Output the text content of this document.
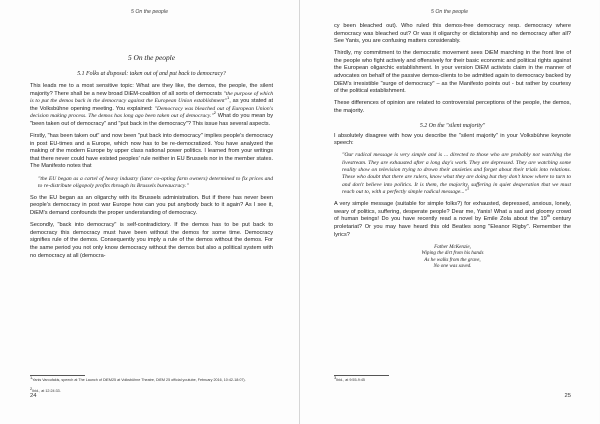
5 On the people
5 On the people
5.1 Folks at disposal: taken out of and put back to democracy?

This leads me to a most sensitive topic: What are they like, the demos, the people, the silent majority? There shall be a new broad DiEM-coalition of all sorts of democrats "the purpose of which is to put the demos back in the democracy against the European Union establishment"$^1$, as you stated at the Volksbühne opening meeting. You explained: "Democracy was bleached out of European Union's decision making process. The demos has long ago been taken out of democracy."$^2$ What do you mean by "been taken out of democracy" and "put back in the democracy"? This issue has several aspects.

Firstly, "has been taken out" and now been "put back into democracy" implies people's democracy in post EU-times and a Europe, which now has to be re-democratized. You have analyzed the making of the modern Europe by upper class national power politics. I learned from your writings that there never could have existed peoples' rule neither in EU Brussels nor in the member states. The Manifesto notes that

"the EU began as a cartel of heavy industry (later co-opting farm owners) determined to fix prices and to re-distribute oligopoly profits through its Brussels bureaucracy."

So the EU began as an oligarchy with its Brussels administration. But if there has never been people's democracy in post war Europe how can you put anybody back to it again? As I see it, DiEM's demand confounds the proper understanding of democracy.

Secondly, "back into democracy" is self-contradictory. If the demos has to be put back to democracy this democracy must have been without the demos for some time. Democracy signifies rule of the demos. Consequently you imply a rule of the demos without the demos. For the same period you not only know democracy without the demos but also a political system with no democracy at all (democra-

$^1$Yanis Varoufakis, speech at The Launch of DiEM25 at Volksbühne Theatre, DiEM 25 official youtube, February 2016, 10:42-18:07).
$^2$Ibid., at 12:24:33.
24
5 On the people

cy been bleached out). Who ruled this demos-free democracy resp. democracy where democracy was bleached out? Or was it oligarchy or dictatorship and no democracy after all? See Yanis, you are confusing matters considerably.

Thirdly, my commitment to the democratic movement sees DiEM marching in the front line of the people who fight actively and offensively for their basic economic and political rights against the European oligarchic establishment. In your version DiEM activists claim in the manner of advocates on behalf of the passive demos-clients to be admitted again to democracy backed by DiEM's irresistible "surge of democracy" – as the Manifesto points out - but rather by courtesy of the political establishment.

These differences of opinion are related to controversial perceptions of the people, the demos, the majority.

5.2 On the "silent majority"

I absolutely disagree with how you describe the "silent majority" in your Volksbühne keynote speech:

"Our radical message is very simple and is ... directed to those who are probably not watching the livestream. They are exhausted after a long day's work. They are depressed. They are watching some reality show on television trying to drown their anxieties and forget about their trials into relations. These who doubt that there are rulers, know what they are doing but they don't know where to turn to and don't believe into politics. It is them, the majority, suffering in quiet desperation that we must reach out to, with a perfectly simple radical message..."$^3$

A very simple message (suitable for simple folks?) for exhausted, depressed, anxious, lonely, weary of politics, suffering, desperate people? Dear me, Yanis! What a sad and gloomy crowd of human beings! Do you have recently read a novel by Emile Zola about the 19th century proletariat? Or you may have heard this old Beatles song "Eleanor Rigby". Remember the lyrics?

Father McKenzie,
Wiping the dirt from his hands
As he walks from the grave,
No one was saved.
$^3$Ibid., at 9:55-9:45
25
